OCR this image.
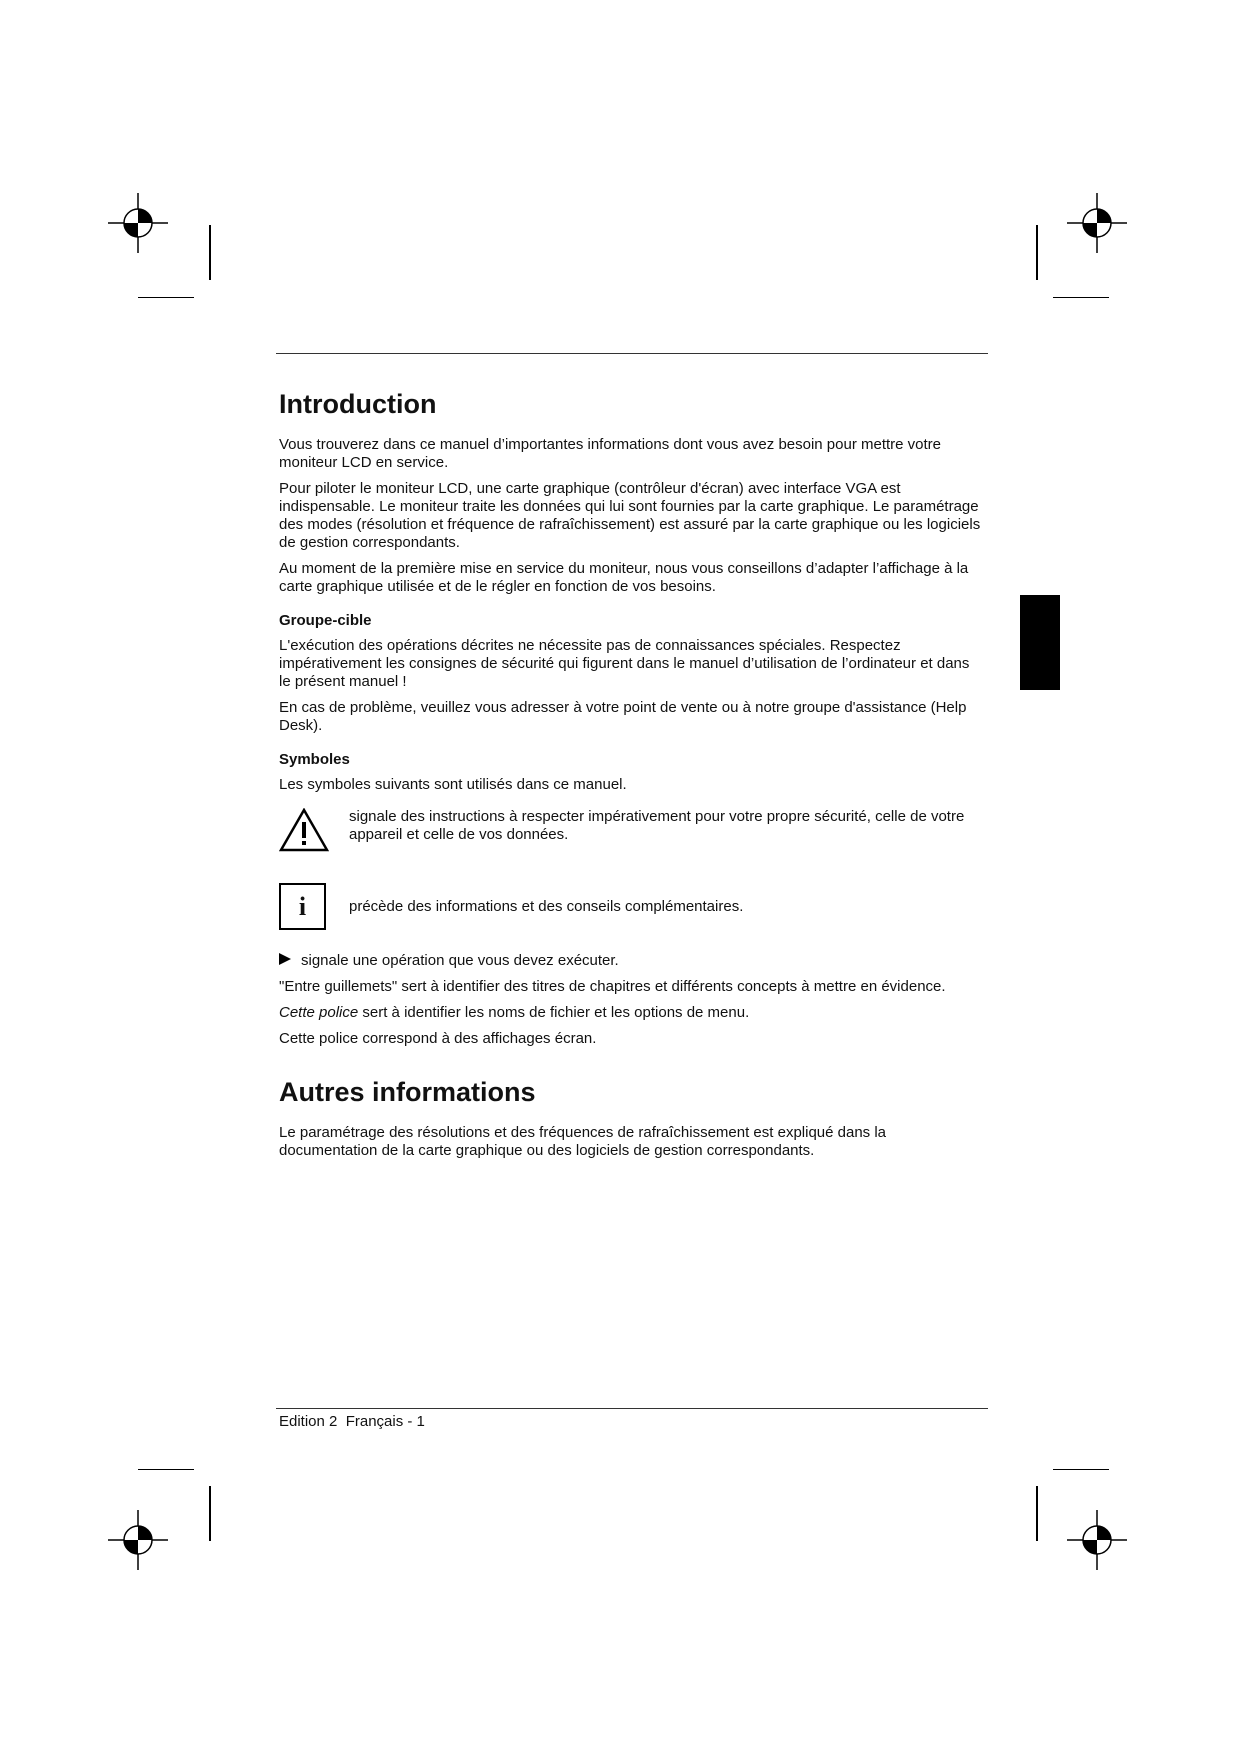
Introduction

Vous trouverez dans ce manuel d’importantes informations dont vous avez besoin pour mettre votre moniteur LCD en service.

Pour piloter le moniteur LCD, une carte graphique (contrôleur d'écran) avec interface VGA est indispensable. Le moniteur traite les données qui lui sont fournies par la carte graphique. Le paramétrage des modes (résolution et fréquence de rafraîchissement) est assuré par la carte graphique ou les logiciels de gestion correspondants.

Au moment de la première mise en service du moniteur, nous vous conseillons d’adapter l’affichage à la carte graphique utilisée et de le régler en fonction de vos besoins.

Groupe-cible

L'exécution des opérations décrites ne nécessite pas de connaissances spéciales. Respectez impérativement les consignes de sécurité qui figurent dans le manuel d’utilisation de l’ordinateur et dans le présent manuel !

En cas de problème, veuillez vous adresser à votre point de vente ou à notre groupe d'assistance (Help Desk).

Symboles

Les symboles suivants sont utilisés dans ce manuel.

signale des instructions à respecter impérativement pour votre propre sécurité, celle de votre appareil et celle de vos données.
i	précède des informations et des conseils complémentaires.

signale une opération que vous devez exécuter.

"Entre guillemets" sert à identifier des titres de chapitres et différents concepts à mettre en évidence.

Cette police sert à identifier les noms de fichier et les options de menu.

Cette police correspond à des affichages écran.

Autres informations

Le paramétrage des résolutions et des fréquences de rafraîchissement est expliqué dans la documentation de la carte graphique ou des logiciels de gestion correspondants.

Edition 2  Français - 1
